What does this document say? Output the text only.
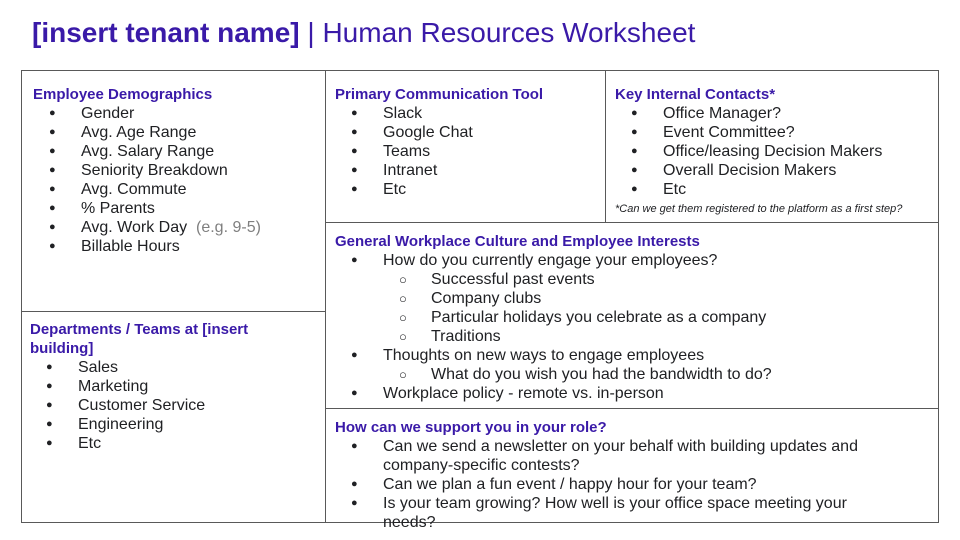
[insert tenant name] | Human Resources Worksheet
Employee Demographics
● Gender
● Avg. Age Range
● Avg. Salary Range
● Seniority Breakdown
● Avg. Commute
● % Parents
● Avg. Work Day (e.g. 9-5)
● Billable Hours
Departments / Teams at [insert building]
● Sales
● Marketing
● Customer Service
● Engineering
● Etc
Primary Communication Tool
● Slack
● Google Chat
● Teams
● Intranet
● Etc
Key Internal Contacts*
● Office Manager?
● Event Committee?
● Office/leasing Decision Makers
● Overall Decision Makers
● Etc
*Can we get them registered to the platform as a first step?
General Workplace Culture and Employee Interests
● How do you currently engage your employees?
○ Successful past events
○ Company clubs
○ Particular holidays you celebrate as a company
○ Traditions
● Thoughts on new ways to engage employees
○ What do you wish you had the bandwidth to do?
● Workplace policy - remote vs. in-person
How can we support you in your role?
● Can we send a newsletter on your behalf with building updates and company-specific contests?
● Can we plan a fun event / happy hour for your team?
● Is your team growing? How well is your office space meeting your needs?
